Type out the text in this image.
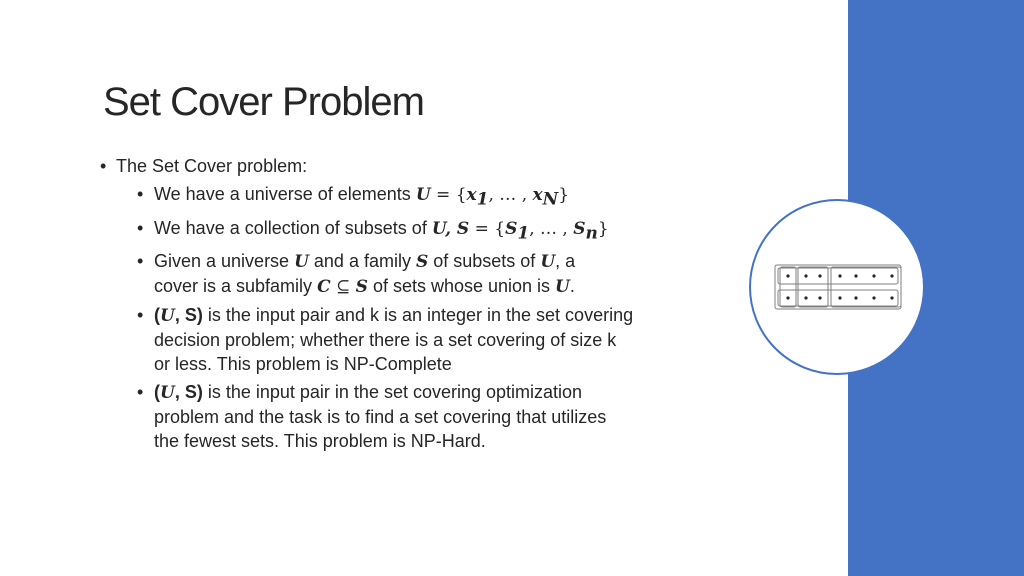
Set Cover Problem
• The Set Cover problem:
• We have a universe of elements $U = \{x_1$, … , $x_N$}
• We have a collection of subsets of U, $S = \{S_1$, … , $S_n$}
• Given a universe U and a family S of subsets of U, a
cover is a subfamily C ⊆ S of sets whose union is U.
• (U, S) is the input pair and k is an integer in the set covering decision problem; whether there is a set covering of size k or less. This problem is NP-Complete
• (U, S) is the input pair in the set covering optimization problem and the task is to find a set covering that utilizes the fewest sets. This problem is NP-Hard.
